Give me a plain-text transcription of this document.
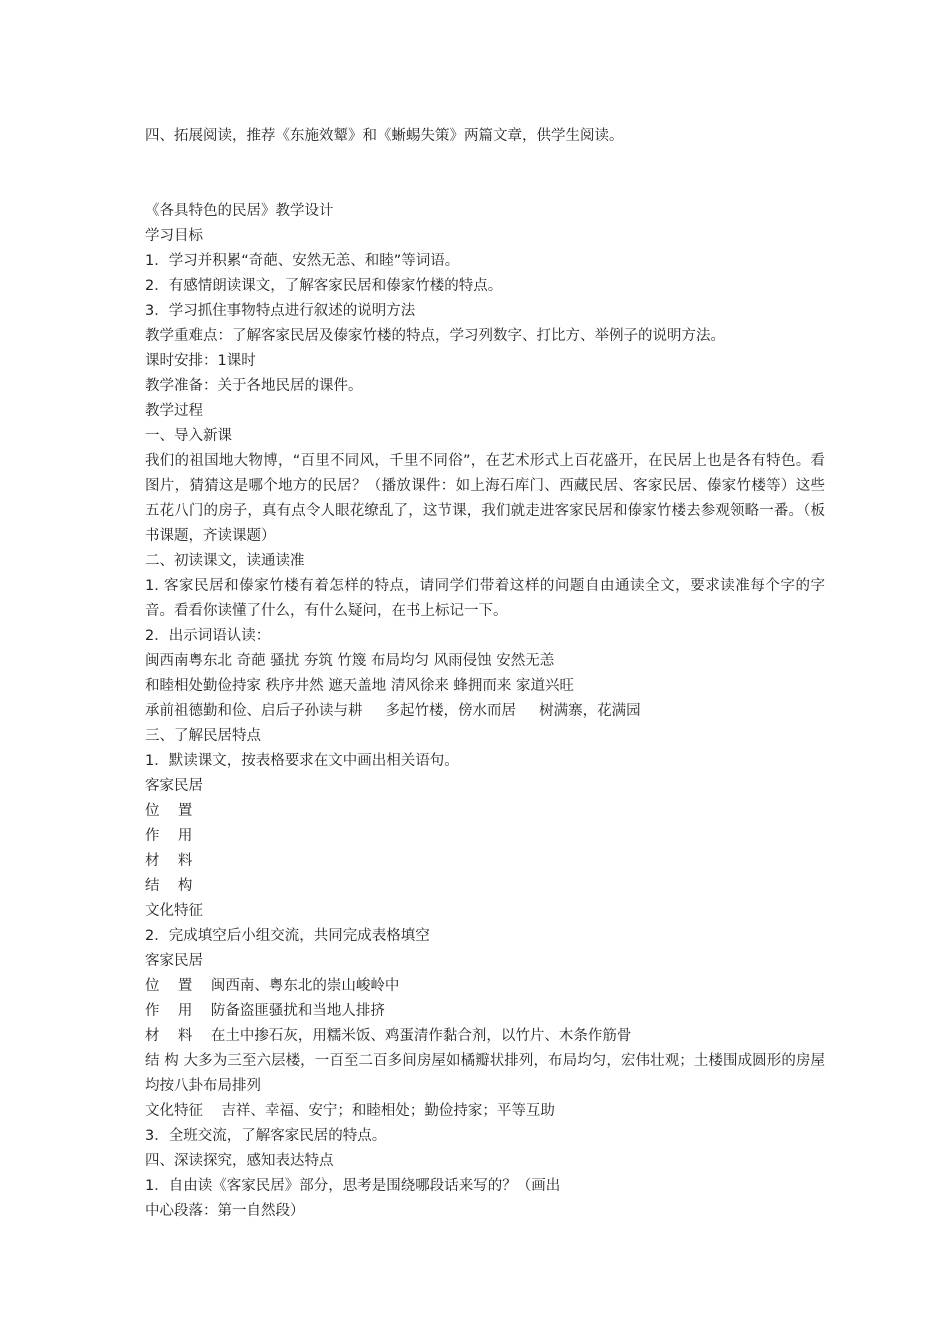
四、拓展阅读，推荐《东施效颦》和《蜥蜴失策》两篇文章，供学生阅读。

《各具特色的民居》教学设计

学习目标

1．学习并积累“奇葩、安然无恙、和睦”等词语。

2．有感情朗读课文，了解客家民居和傣家竹楼的特点。

3．学习抓住事物特点进行叙述的说明方法

教学重难点：了解客家民居及傣家竹楼的特点，学习列数字、打比方、举例子的说明方法。

课时安排：1课时

教学准备：关于各地民居的课件。

教学过程

一、导入新课

我们的祖国地大物博，“百里不同风，千里不同俗”，在艺术形式上百花盛开，在民居上也是各有特色。看图片，猜猜这是哪个地方的民居？（播放课件：如上海石库门、西藏民居、客家民居、傣家竹楼等）这些五花八门的房子，真有点令人眼花缭乱了，这节课，我们就走进客家民居和傣家竹楼去参观领略一番。（板书课题，齐读课题）

二、初读课文，读通读准

1. 客家民居和傣家竹楼有着怎样的特点，请同学们带着这样的问题自由通读全文，要求读准每个字的字音。看看你读懂了什么，有什么疑问，在书上标记一下。

2．出示词语认读：

闽西南粤东北 奇葩 骚扰 夯筑 竹篾 布局均匀 风雨侵蚀 安然无恙

和睦相处勤俭持家 秩序井然 遮天盖地 清风徐来 蜂拥而来 家道兴旺

承前祖德勤和俭、启后子孙读与耕     多起竹楼，傍水而居     树满寨，花满园

三、了解民居特点

1．默读课文，按表格要求在文中画出相关语句。

客家民居

位    置

作    用

材    料

结    构

文化特征

2．完成填空后小组交流，共同完成表格填空

客家民居

位    置    闽西南、粤东北的崇山峻岭中

作    用    防备盗匪骚扰和当地人排挤

材    料    在土中掺石灰，用糯米饭、鸡蛋清作黏合剂，以竹片、木条作筋骨

结 构 大多为三至六层楼，一百至二百多间房屋如橘瓣状排列，布局均匀，宏伟壮观；土楼围成圆形的房屋均按八卦布局排列

文化特征    吉祥、幸福、安宁；和睦相处；勤俭持家；平等互助

3．全班交流，了解客家民居的特点。

四、深读探究，感知表达特点

1．自由读《客家民居》部分，思考是围绕哪段话来写的？（画出

中心段落：第一自然段）
